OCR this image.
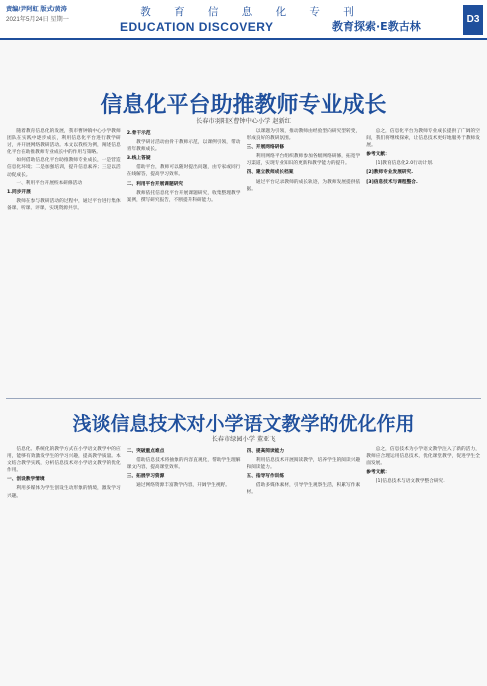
责编/尹阿虹 版式/黄涛
2021年5月24日 星期一
教 育 信 息 化 专 刊
EDUCATION DISCOVERY	教育探索·E教古林
D3
信息化平台助推教师专业成长
长春市羽阳区曹钟中心小学 赵新红

随着教育信息化的发展，我市曹钟镇中心小学教师团队在实践中逐步成长，利用信息化平台进行教学研讨，并开展网络教研活动。本文以我校为例，阐述信息化平台在助推教师专业成长中的作用与策略。

如何借助信息化平台助推教师专业成长，一是营造信息化环境；二是加强培训，提升信息素养；三是以活动促成长。

一、利用平台开展校本研修活动

1.同步开展

教师在参与教研活动的过程中，通过平台进行集体备课、听课、评课，实现资源共享。

2.骨干示范

教学研讨活动由骨干教师示范，以课例引领，带动青年教师成长。

3.线上答疑

借助平台，教师可以随时提出问题，由专家或同行在线解答，提高学习效率。

二、利用平台开展课题研究

教师依托信息化平台开展课题研究，收集整理教学案例，撰写研究报告，不断提升科研能力。

以课题为引领，推动教师由经验型向研究型转变，形成良好的教研氛围。

三、开展网络研修

利用网络平台组织教师参加各级网络研修，拓宽学习渠道，实现专业知识的更新和教学能力的提升。

四、建立教师成长档案

通过平台记录教师的成长轨迹，为教师发展提供依据。

总之，信息化平台为教师专业成长提供了广阔的空间，我们将继续探索，让信息技术更好地服务于教师发展。

参考文献：

[1]教育信息化2.0行动计划.

[2]教师专业发展研究.

[3]信息技术与课程整合.

浅谈信息技术对小学语文教学的优化作用
长春市绿园小学 董亚飞

信息化、系统化的教学方式在小学语文教学中的应用，能够有效激发学生的学习兴趣，提高教学质量。本文结合教学实践，分析信息技术对小学语文教学的优化作用。

一、创设教学情境

利用多媒体为学生创设生动形象的情境，激发学习兴趣。

二、突破重点难点

借助信息技术将抽象的内容直观化，帮助学生理解课文内容，提高课堂效率。

三、拓展学习资源

通过网络资源丰富教学内容，开阔学生视野。

四、提高阅读能力

利用信息技术开展阅读教学，培养学生的阅读兴趣和阅读能力。

五、指导写作训练

借助多媒体素材，引导学生观察生活，积累写作素材。

总之，信息技术为小学语文教学注入了新的活力，教师应合理运用信息技术，优化课堂教学，促进学生全面发展。

参考文献：

[1]信息技术与语文教学整合研究.
